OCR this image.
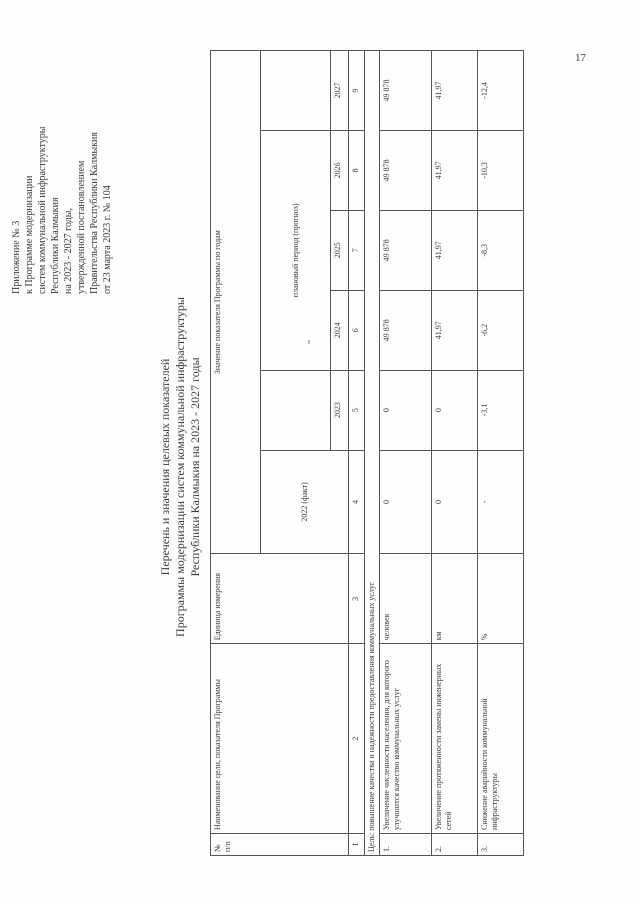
17
Приложение № 3 к Программе модернизации систем коммунальной инфраструктуры Республики Калмыкия на 2023 - 2027 годы, утвержденной постановлением Правительства Республики Калмыкия от 23 марта 2023 г. № 104
Перечень и значения целевых показателей Программы модернизации систем коммунальной инфраструктуры Республики Калмыкия на 2023 - 2027 годы
№ п/п	Наименование цели, показателя Программы	Единица измерения	Значение показателя Программы по годам					
			2022 (факт)		плановый период (прогноз)			
				2023	2024	2025	2026	2027
1	2	3	4	5	6	7	8	9
Цель: повышение качества и надежности предоставления коммунальных услуг								
1.	Увеличение численности населения, для которого улучшится качество коммунальных услуг	человек	0	0	49 878	49 878	49 878	49 878
2.	Увеличение протяженности замены инженерных сетей	км	0	0	41,97	41,97	41,97	41,97
3.	Снижение аварийности коммунальной инфраструктуры	%	-	-3,1	-6,2	-8,3	-10,3	-12,4
